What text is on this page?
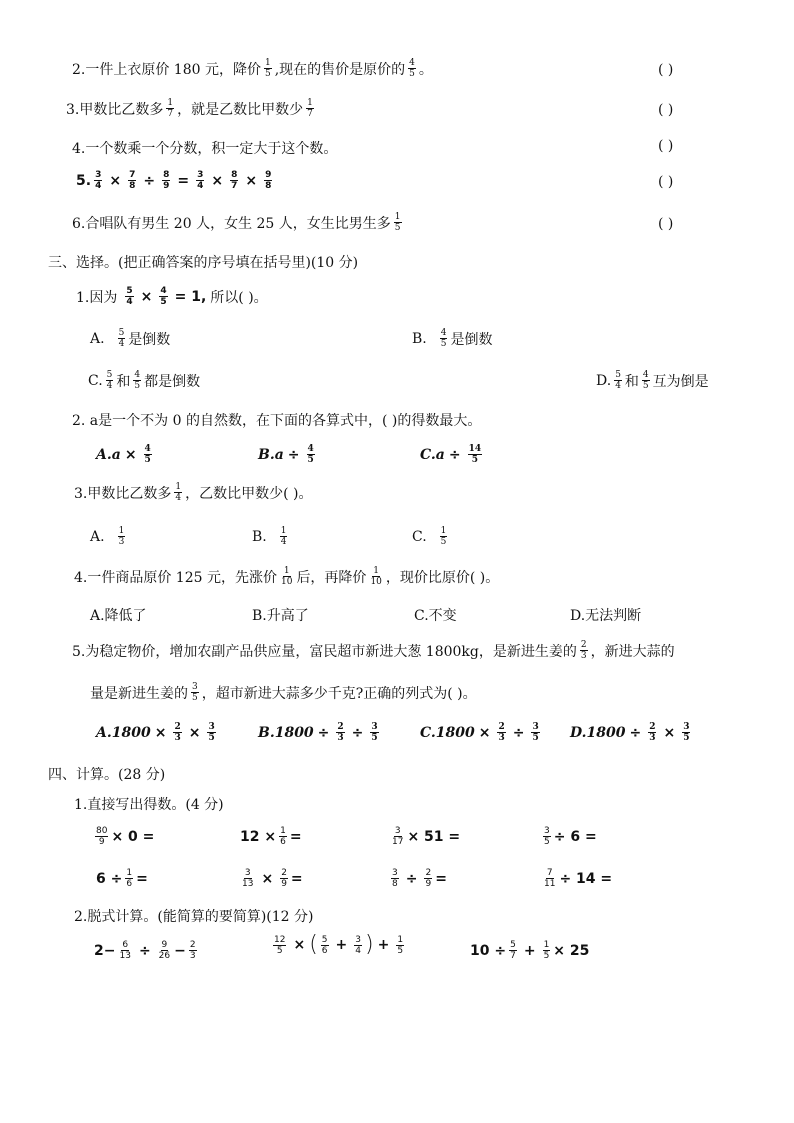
2.一件上衣原价 180 元，降价 $\frac{1}{5}$ ,现在的售价是原价的 $\frac{4}{5}$ 。	( )
3.甲数比乙数多 $\frac{1}{7}$ ，就是乙数比甲数少 $\frac{1}{7}$	( )
4.一个数乘一个分数，积一定大于这个数。	( )
5. $\frac{3}{4} \times \frac{7}{8} \div \frac{8}{9} = \frac{3}{4} \times \frac{8}{7} \times \frac{9}{8}$	( )
6.合唱队有男生 20 人，女生 25 人，女生比男生多 $\frac{1}{5}$	( )
三、选择。(把正确答案的序号填在括号里)(10 分)
1.因为 $\frac{5}{4} \times \frac{4}{5} = 1$, 所以( )。
A. $\frac{5}{4}$ 是倒数	B. $\frac{4}{5}$ 是倒数
C. $\frac{5}{4}$ 和 $\frac{4}{5}$ 都是倒数	D. $\frac{5}{4}$ 和 $\frac{4}{5}$ 互为倒是
2. a是一个不为 0 的自然数，在下面的各算式中，( )的得数最大。
$A.a \times \frac{4}{5}$	$B.a \div \frac{4}{5}$	$C.a \div \frac{14}{5}$
3.甲数比乙数多 $\frac{1}{4}$ ，乙数比甲数少( )。
A. $\frac{1}{3}$	B. $\frac{1}{4}$	C. $\frac{1}{5}$
4.一件商品原价 125 元，先涨价 $\frac{1}{10}$ 后，再降价 $\frac{1}{10}$ ，现价比原价( )。
A.降低了	B.升高了	C.不变	D.无法判断
5.为稳定物价，增加农副产品供应量，富民超市新进大葱 1800kg，是新进生姜的 $\frac{2}{3}$ ，新进大蒜的
量是新进生姜的 $\frac{3}{5}$ ，超市新进大蒜多少千克?正确的列式为( )。
$A.1800 \times \frac{2}{3} \times \frac{3}{5}$	$B.1800 \div \frac{2}{3} \div \frac{3}{5}$	$C.1800 \times \frac{2}{3} \div \frac{3}{5} D.1800 \div \frac{2}{3} \times \frac{3}{5}$
四、计算。(28 分)
1.直接写出得数。(4 分)
$\frac{80}{9} \times 0$ =	$12 \times \frac{1}{6}$ =	$\frac{3}{17} \times 51$ =	$\frac{3}{5} \div 6$ =
$6 \div \frac{1}{6}$ =	$\frac{3}{13} \times \frac{2}{9}$ =	$\frac{3}{8} \div \frac{2}{9}$ =	$\frac{7}{11} \div 14$ =
2.脱式计算。(能简算的要简算)(12 分)
$2- \frac{6}{13} \div \frac{9}{26} - \frac{2}{3}$	$\frac{12}{5}$ × ( $\frac{5}{6} + \frac{3}{4}$ ) + $\frac{1}{5}$	$10 \div \frac{5}{7} + \frac{1}{5} \times 25$
